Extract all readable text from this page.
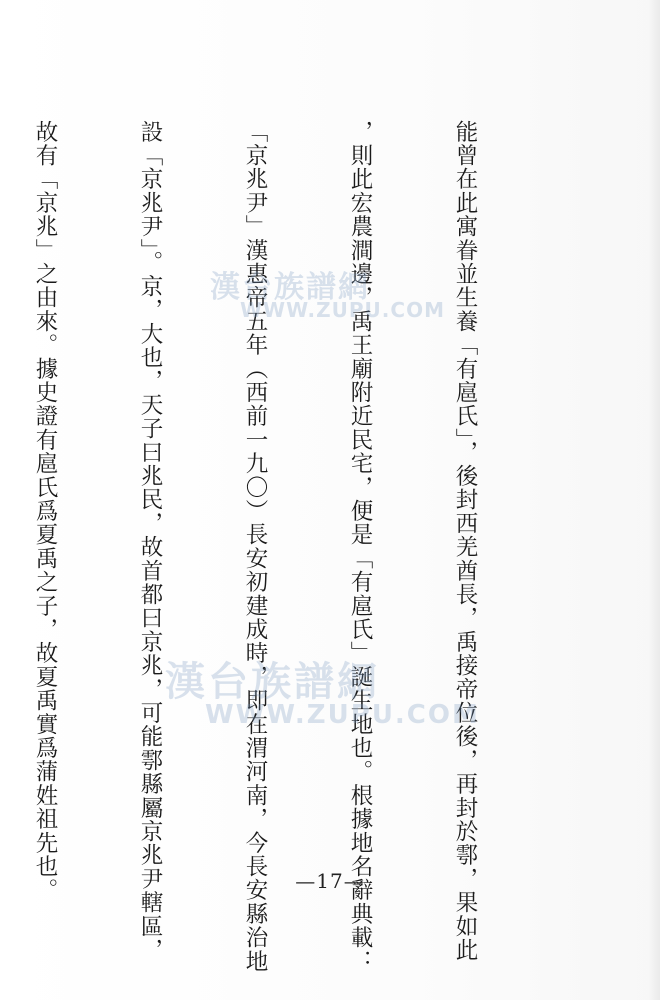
能曾在此寓眷並生養「有扈氏」，後封西羌酋長，禹接帝位後，再封於鄠，果如此

，則此宏農澗邊，禹王廟附近民宅，便是「有扈氏」誕生地也。根據地名辭典載：

「京兆尹」漢惠帝五年（西前一九〇）長安初建成時，即在渭河南，今長安縣治地

設「京兆尹」。京，大也，天子曰兆民，故首都曰京兆，可能鄠縣屬京兆尹轄區，

故有「京兆」之由來。據史證有扈氏爲夏禹之子，故夏禹實爲蒲姓祖先也。

	漢台族譜網
WWW.ZUPU.COM
漢台族譜網
WWW.ZUPU.COM
—17—
